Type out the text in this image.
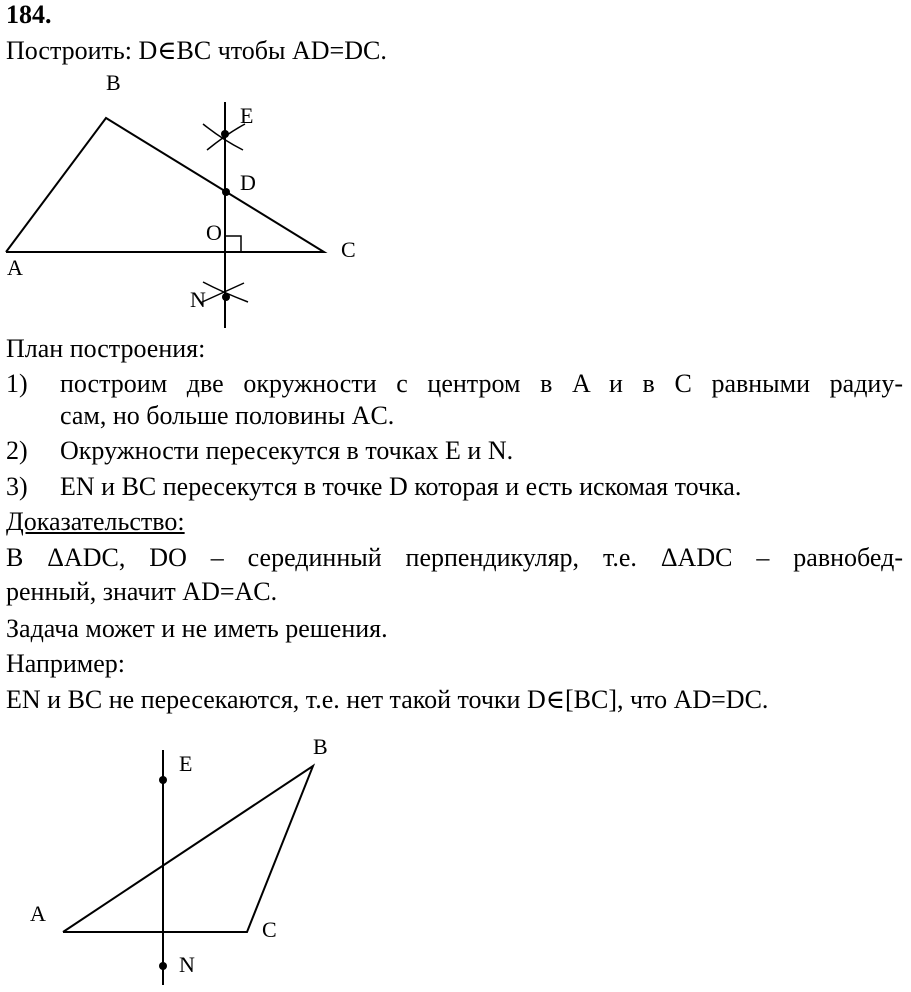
184.
Построить: D∈BC чтобы AD=DC.
B
E
D
O
C
A
N
План построения:
1) построим две окружности с центром в A и в C равными радиу-
сам, но больше половины AC.
2) Окружности пересекутся в точках E и N.
3) EN и BC пересекутся в точке D которая и есть искомая точка.
Доказательство:
В ΔADC, DO – серединный перпендикуляр, т.е. ΔADC – равнобед-
ренный, значит AD=AC.
Задача может и не иметь решения.
Например:
EN и BC не пересекаются, т.е. нет такой точки D∈[BC], что AD=DC.
E
B
A
C
N
